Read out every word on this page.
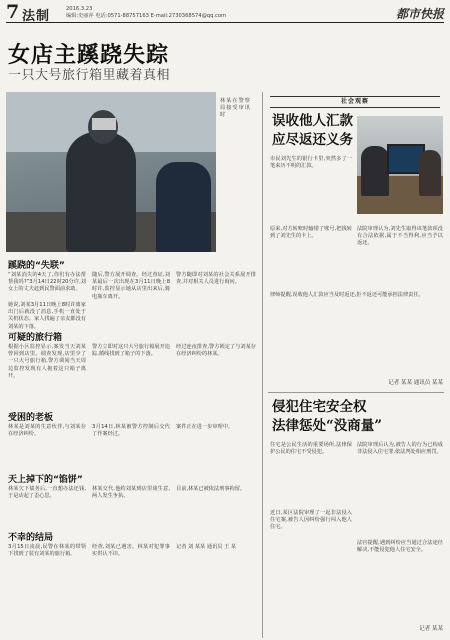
7 法制	2016.3.23
编辑:史丽萍 电话:0571-88757163 E-mail:2730368574@qq.com	都市快报
女店主蹊跷失踪
一只大号旅行箱里藏着真相
林某在警察局接受审讯时
蹊跷的“失联”
“刘某消失的4天了,你们有办法帮帮我吗?”3月14日22时20分许,刘女士的丈夫赶到民警面前求助。
她说,刘某3月11日晚上8时许离家出门后就没了消息,手机一直处于关机状态。家人找遍了亲友都没有刘某的下落。
随后,警方展开调查。经过查证,刘某最后一次出现在3月11日晚上8时许,监控显示她从店里出来后,骑电瓶车离开。
警方随即对刘某的社会关系展开排查,并对相关人员进行询问。
可疑的旅行箱
根据小区监控显示,案发当天刘某曾回到店里。调查发现,店里少了一只大号旅行箱,警方调阅当天周边监控发现有人拖着这只箱子离开。
警方立即对这只大号旅行箱展开追踪,循线找到了箱子的下落。
经过连夜排查,警方锁定了与刘某存在经济纠纷的林某。
受困的老板
林某是刘某的生意伙伴,与刘某存在经济纠纷。
3月14日,林某被警方控制后交代了作案经过。
案件正在进一步审理中。
天上掉下的“馅饼”
林某欠下债务后,一直想办法还钱,于是动起了歪心思。
林某交代,他约刘某到店里谈生意,两人发生争执。
目前,林某已被依法刑事拘留。
不幸的结局
3月15日凌晨,民警在林某的带领下找到了装有刘某的旅行箱。
经查,刘某已遇害。林某对犯罪事实供认不讳。
记者 刘 某某 通讯员 王 某
社会观察
误收他人汇款
应尽返还义务
市民刘先生的银行卡里,突然多了一笔来历不明的汇款。
原来,对方转账时输错了账号,把钱转到了刘先生的卡上。
法院审理认为,刘先生取得该笔款项没有合法依据,属于不当得利,应当予以返还。
律师提醒,误收他人汇款应当及时返还,拒不返还可能承担法律责任。
记者 某某 通讯员 某某
侵犯住宅安全权
法律惩处“没商量”
住宅是公民生活的重要场所,法律保护公民的住宅不受侵犯。
近日,某区法院审理了一起非法侵入住宅案,被告人因纠纷强行闯入他人住宅。
法院审理后认为,被告人的行为已构成非法侵入住宅罪,依法判处相应刑罚。
法官提醒,遇到纠纷应当通过合法途径解决,不能侵犯他人住宅安全。
记者 某某
